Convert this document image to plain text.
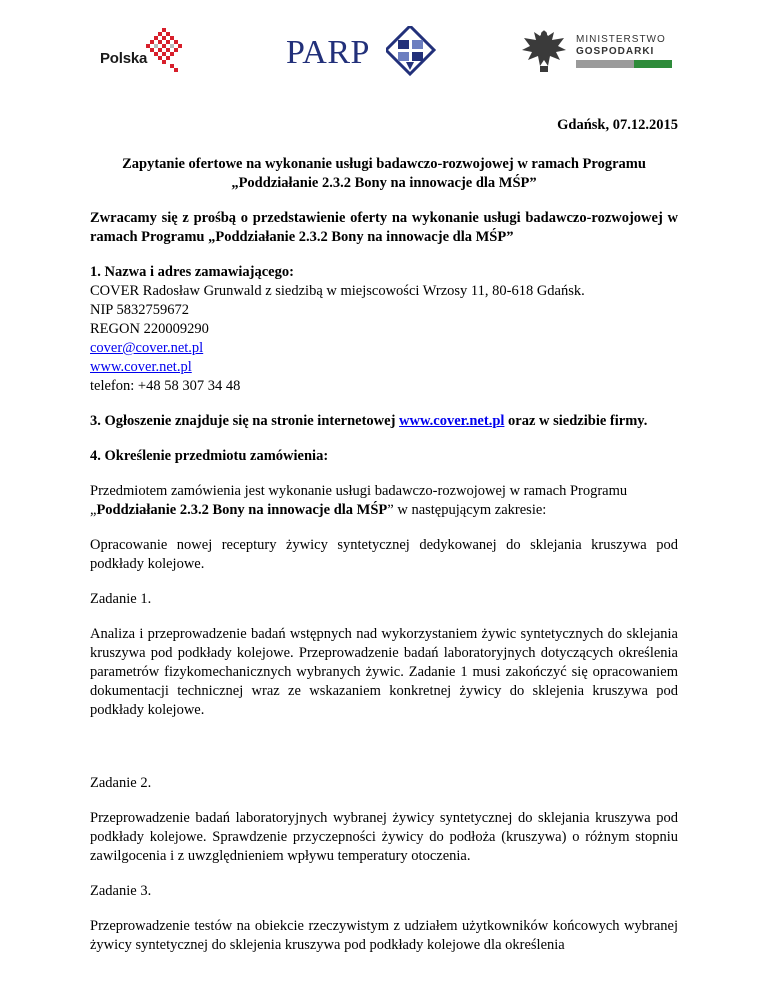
Polska	PARP	MINISTERSTWO
GOSPODARKI

Gdańsk, 07.12.2015

Zapytanie ofertowe na wykonanie usługi badawczo-rozwojowej w ramach Programu
„Poddziałanie 2.3.2 Bony na innowacje dla MŚP”

Zwracamy się z prośbą o przedstawienie oferty na wykonanie usługi badawczo-rozwojowej w ramach Programu „Poddziałanie 2.3.2 Bony na innowacje dla MŚP”

1. Nazwa i adres zamawiającego:
COVER Radosław Grunwald z siedzibą w miejscowości Wrzosy 11, 80-618 Gdańsk.
NIP 5832759672
REGON 220009290
cover@cover.net.pl
www.cover.net.pl
telefon: +48 58 307 34 48

3. Ogłoszenie znajduje się na stronie internetowej www.cover.net.pl oraz w siedzibie firmy.

4. Określenie przedmiotu zamówienia:

Przedmiotem zamówienia jest wykonanie usługi badawczo-rozwojowej w ramach Programu
„Poddziałanie 2.3.2 Bony na innowacje dla MŚP” w następującym zakresie:

Opracowanie nowej receptury żywicy syntetycznej dedykowanej do sklejania kruszywa pod podkłady kolejowe.

Zadanie 1.

Analiza i przeprowadzenie badań wstępnych nad wykorzystaniem żywic syntetycznych do sklejania kruszywa pod podkłady kolejowe. Przeprowadzenie badań laboratoryjnych dotyczących określenia parametrów fizykomechanicznych wybranych żywic. Zadanie 1 musi zakończyć się opracowaniem dokumentacji technicznej wraz ze wskazaniem konkretnej żywicy do sklejenia kruszywa pod podkłady kolejowe.

Zadanie 2.

Przeprowadzenie badań laboratoryjnych wybranej żywicy syntetycznej do sklejania kruszywa pod podkłady kolejowe. Sprawdzenie przyczepności żywicy do podłoża (kruszywa) o różnym stopniu zawilgocenia i z uwzględnieniem wpływu temperatury otoczenia.

Zadanie 3.

Przeprowadzenie testów na obiekcie rzeczywistym z udziałem użytkowników końcowych wybranej żywicy syntetycznej do sklejenia kruszywa pod podkłady kolejowe dla określenia
